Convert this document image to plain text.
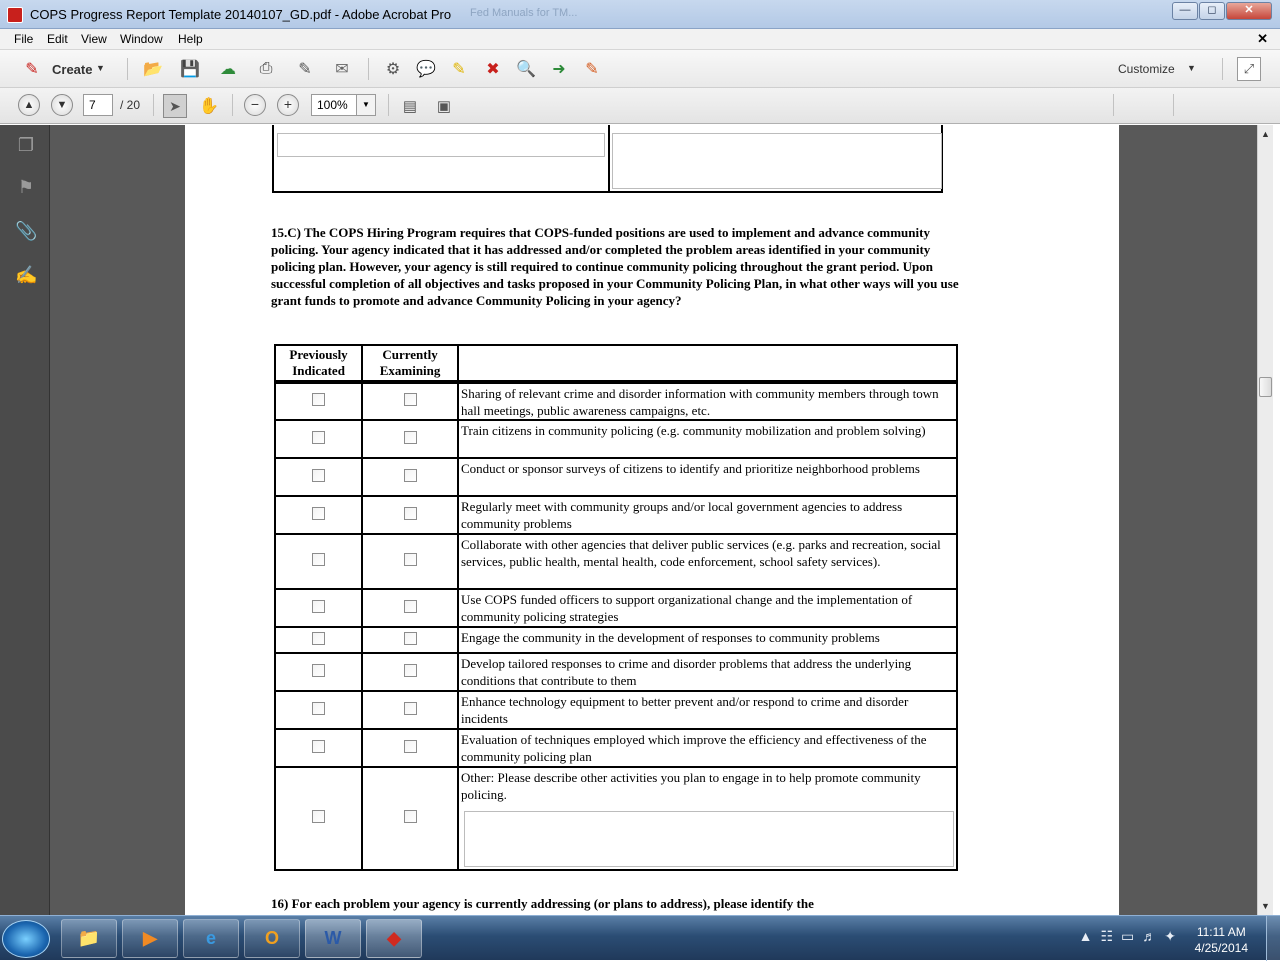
COPS Progress Report Template 20140107_GD.pdf - Adobe Acrobat Pro Fed Manuals for TM...	—	◻	✕
File Edit View Window Help	✕
✎	Create ▼ 📂 💾 ☁	⎙	✎	✉	⚙ 💬	✎	✖	🔍	➜	✎	Customize ▼	⤢
▲	▼	7	/ 20	➤	✋	−	+	100%	▼	▤	▣
❐
⚑
📎
✍
15.C) The COPS Hiring Program requires that COPS-funded positions are used to implement and advance community policing. Your agency indicated that it has addressed and/or completed the problem areas identified in your community policing plan. However, your agency is still required to continue community policing throughout the grant period. Upon successful completion of all objectives and tasks proposed in your Community Policing Plan, in what other ways will you use grant funds to promote and advance Community Policing in your agency?
Previously Indicated	Currently Examining	
		Sharing of relevant crime and disorder information with community members through town hall meetings, public awareness campaigns, etc.
		Train citizens in community policing (e.g. community mobilization and problem solving)
		Conduct or sponsor surveys of citizens to identify and prioritize neighborhood problems
		Regularly meet with community groups and/or local government agencies to address community problems
		Collaborate with other agencies that deliver public services (e.g. parks and recreation, social services, public health, mental health, code enforcement, school safety services).
		Use COPS funded officers to support organizational change and the implementation of community policing strategies
		Engage the community in the development of responses to community problems
		Develop tailored responses to crime and disorder problems that address the underlying conditions that contribute to them
		Enhance technology equipment to better prevent and/or respond to crime and disorder incidents
		Evaluation of techniques employed which improve the efficiency and effectiveness of the community policing plan

		Other: Please describe other activities you plan to engage in to help promote community policing.
16) For each problem your agency is currently addressing (or plans to address), please identify the
▲
▼
📁	▶	e	O	W	◆	▲☷▭♬✦ 11:11 AM
4/25/2014
